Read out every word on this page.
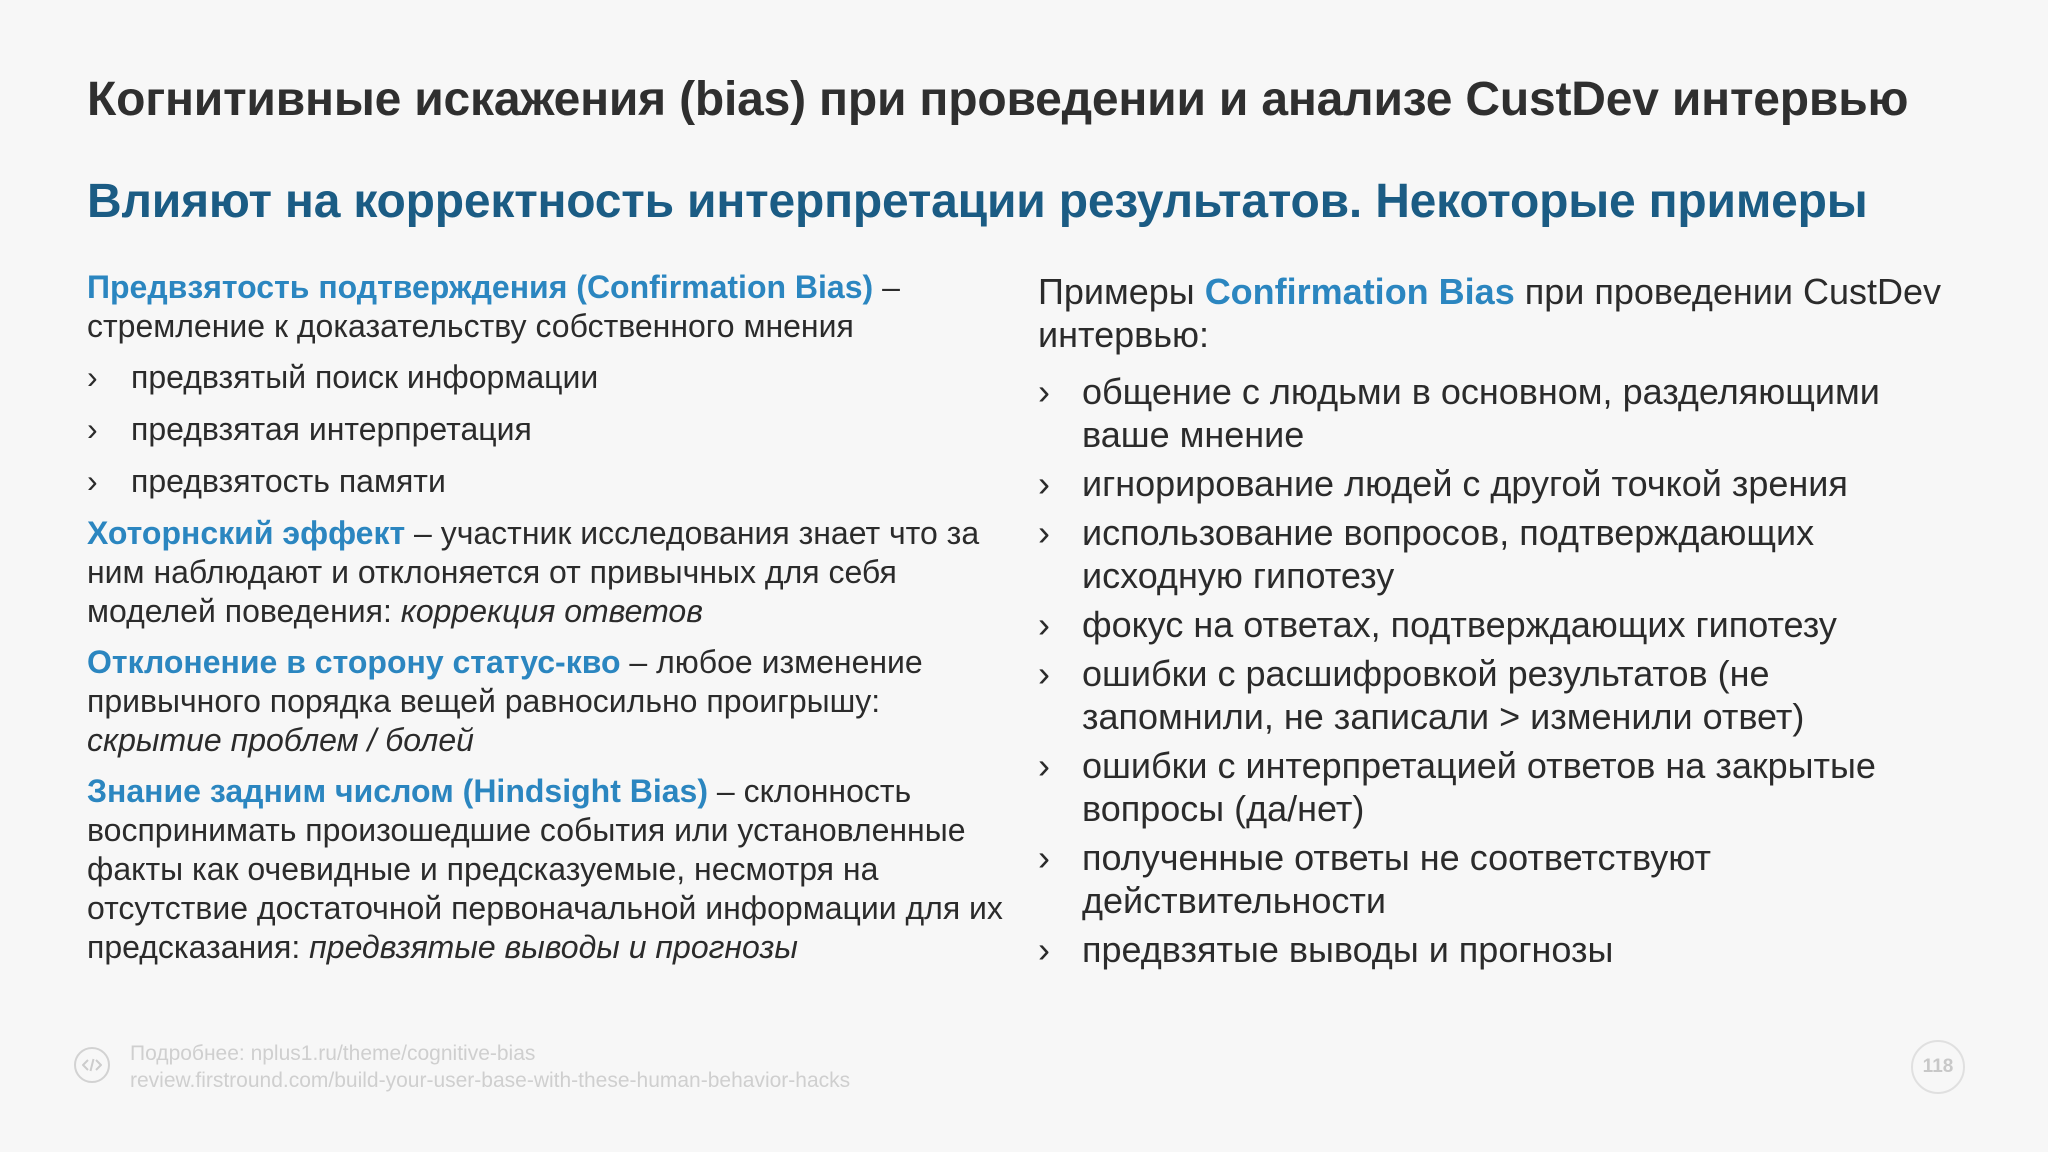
Когнитивные искажения (bias) при проведении и анализе CustDev интервью
Влияют на корректность интерпретации результатов. Некоторые примеры
Предвзятость подтверждения (Confirmation Bias) – стремление к доказательству собственного мнения
› предвзятый поиск информации
› предвзятая интерпретация
› предвзятость памяти
Хоторнский эффект – участник исследования знает что за ним наблюдают и отклоняется от привычных для себя моделей поведения: коррекция ответов
Отклонение в сторону статус-кво – любое изменение привычного порядка вещей равносильно проигрышу: скрытие проблем / болей
Знание задним числом (Hindsight Bias) – склонность воспринимать произошедшие события или установленные факты как очевидные и предсказуемые, несмотря на отсутствие достаточной первоначальной информации для их предсказания: предвзятые выводы и прогнозы
Примеры Confirmation Bias при проведении CustDev интервью:
› общение с людьми в основном, разделяющими ваше мнение
› игнорирование людей с другой точкой зрения
› использование вопросов, подтверждающих исходную гипотезу
› фокус на ответах, подтверждающих гипотезу
› ошибки с расшифровкой результатов (не запомнили, не записали > изменили ответ)
› ошибки с интерпретацией ответов на закрытые вопросы (да/нет)
› полученные ответы не соответствуют действительности
› предвзятые выводы и прогнозы
Подробнее: nplus1.ru/theme/cognitive-bias
review.firstround.com/build-your-user-base-with-these-human-behavior-hacks
118
